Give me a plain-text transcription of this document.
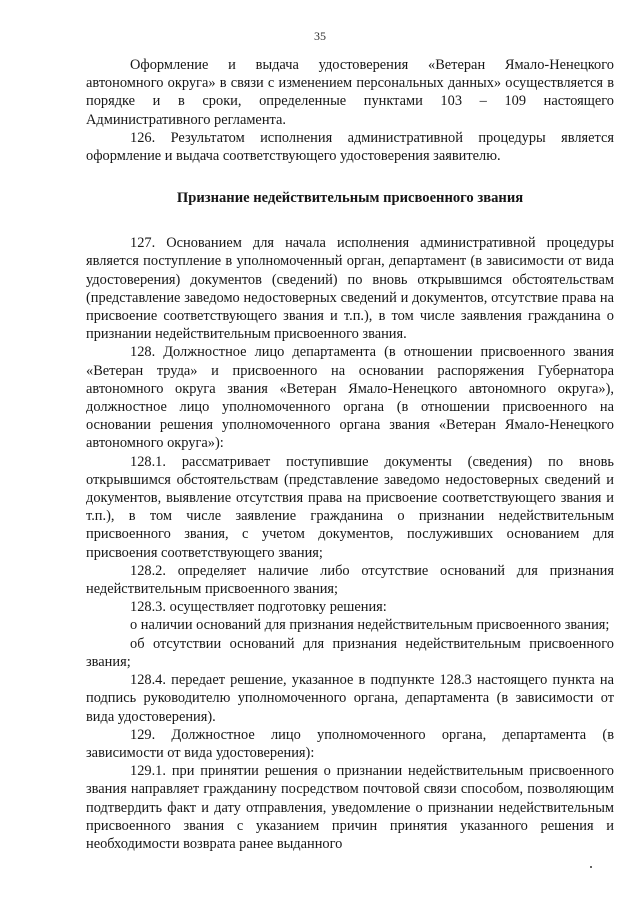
35

Оформление и выдача удостоверения «Ветеран Ямало-Ненецкого автономного округа» в связи с изменением персональных данных» осуществляется в порядке и в сроки, определенные пунктами 103 – 109 настоящего Административного регламента.

126. Результатом исполнения административной процедуры является оформление и выдача соответствующего удостоверения заявителю.

Признание недействительным присвоенного звания

127. Основанием для начала исполнения административной процедуры является поступление в уполномоченный орган, департамент (в зависимости от вида удостоверения) документов (сведений) по вновь открывшимся обстоятельствам (представление заведомо недостоверных сведений и документов, отсутствие права на присвоение соответствующего звания и т.п.), в том числе заявления гражданина о признании недействительным присвоенного звания.

128. Должностное лицо департамента (в отношении присвоенного звания «Ветеран труда» и присвоенного на основании распоряжения Губернатора автономного округа звания «Ветеран Ямало-Ненецкого автономного округа»), должностное лицо уполномоченного органа (в отношении присвоенного на основании решения уполномоченного органа звания «Ветеран Ямало-Ненецкого автономного округа»):

128.1. рассматривает поступившие документы (сведения) по вновь открывшимся обстоятельствам (представление заведомо недостоверных сведений и документов, выявление отсутствия права на присвоение соответствующего звания и т.п.), в том числе заявление гражданина о признании недействительным присвоенного звания, с учетом документов, послуживших основанием для присвоения соответствующего звания;

128.2. определяет наличие либо отсутствие оснований для признания недействительным присвоенного звания;

128.3. осуществляет подготовку решения:

о наличии оснований для признания недействительным присвоенного звания;

об отсутствии оснований для признания недействительным присвоенного звания;

128.4. передает решение, указанное в подпункте 128.3 настоящего пункта на подпись руководителю уполномоченного органа, департамента (в зависимости от вида удостоверения).

129. Должностное лицо уполномоченного органа, департамента (в зависимости от вида удостоверения):

129.1. при принятии решения о признании недействительным присвоенного звания направляет гражданину посредством почтовой связи способом, позволяющим подтвердить факт и дату отправления, уведомление о признании недействительным присвоенного звания с указанием причин принятия указанного решения и необходимости возврата ранее выданного
